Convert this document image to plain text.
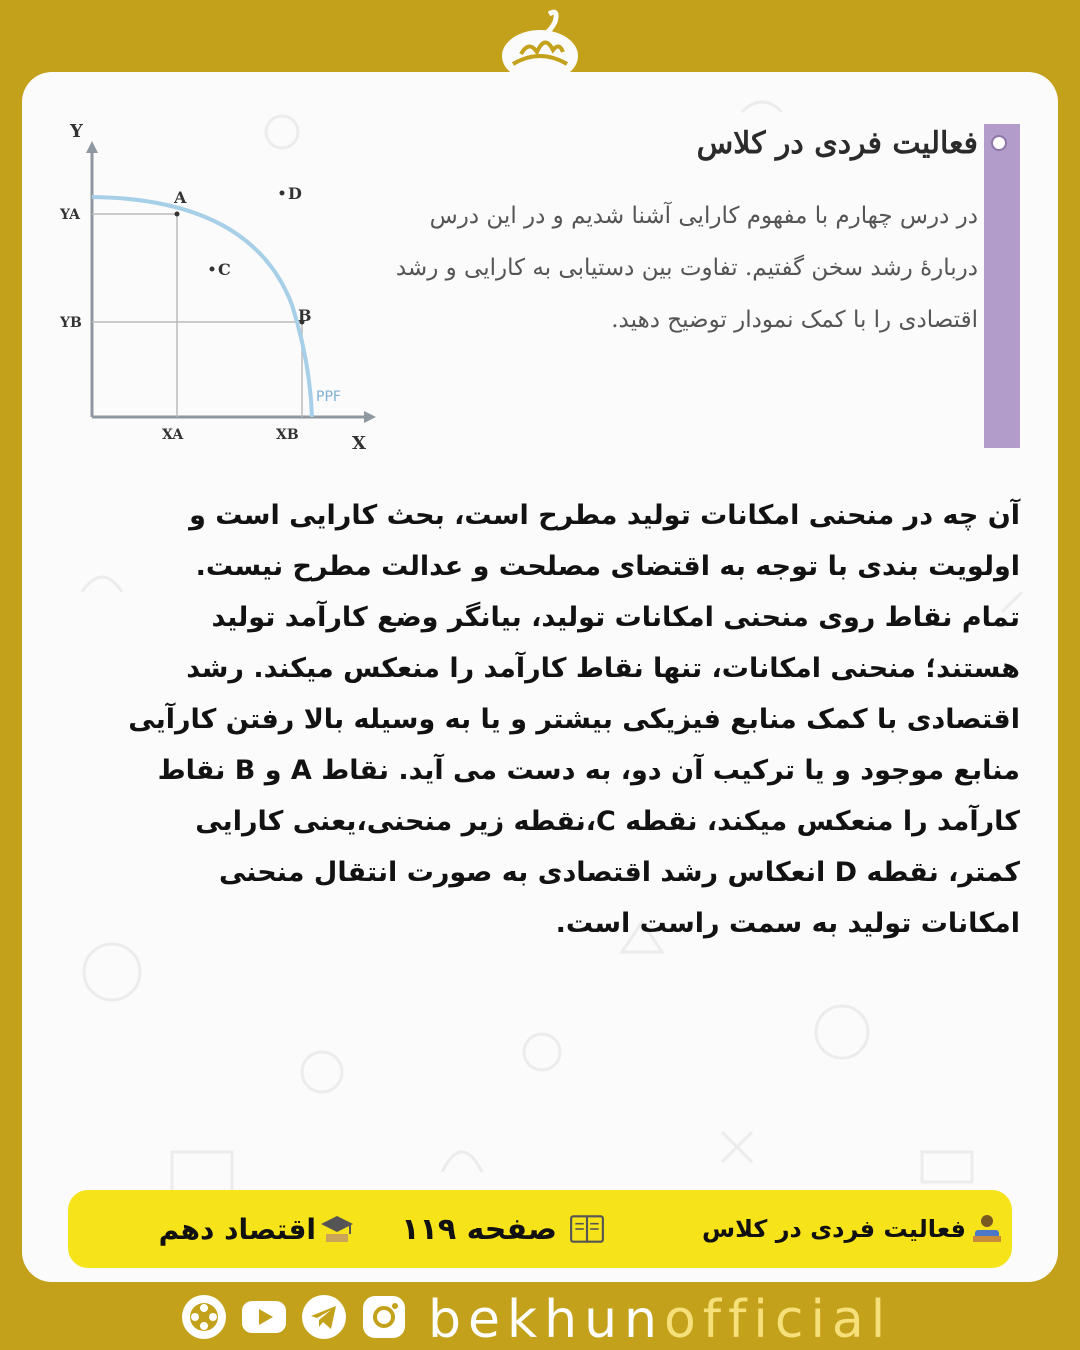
Y
X
PPF
YA
YB
XA	XB
A
B
C
D
فعالیت فردی در کلاس
در درس چهارم با مفهوم کارایی آشنا شدیم و در این درس
دربارهٔ رشد سخن گفتیم. تفاوت بین دستیابی به کارایی و رشد
اقتصادی را با کمک نمودار توضیح دهید.
آن چه در منحنی امکانات تولید مطرح است، بحث کارایی است و
اولویت بندی با توجه به اقتضای مصلحت و عدالت مطرح نیست.
تمام نقاط روی منحنی امکانات تولید، بیانگر وضع کارآمد تولید
هستند؛ منحنی امکانات، تنها نقاط کارآمد را منعکس میکند. رشد
اقتصادی با کمک منابع فیزیکی بیشتر و یا به وسیله بالا رفتن کارآیی
منابع موجود و یا ترکیب آن دو، به دست می آید. نقاط A و B نقاط
کارآمد را منعکس میکند، نقطه C،نقطه زیر منحنی،یعنی کارایی
کمتر، نقطه D انعکاس رشد اقتصادی به صورت انتقال منحنی
امکانات تولید به سمت راست است.
فعالیت فردی در کلاس
صفحه ۱۱۹
اقتصاد دهم
bekhunofficial
